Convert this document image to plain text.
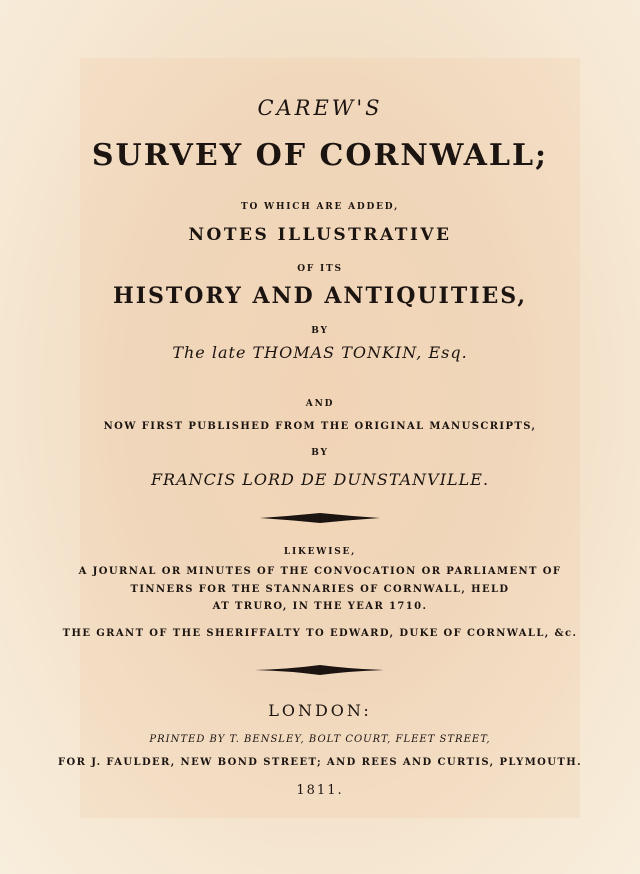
CAREW'S
SURVEY OF CORNWALL;
TO WHICH ARE ADDED,
NOTES ILLUSTRATIVE
OF ITS
HISTORY AND ANTIQUITIES,
BY
The late THOMAS TONKIN, Esq.
AND
NOW FIRST PUBLISHED FROM THE ORIGINAL MANUSCRIPTS,
BY
FRANCIS LORD DE DUNSTANVILLE.
LIKEWISE,
A JOURNAL OR MINUTES OF THE CONVOCATION OR PARLIAMENT OF
TINNERS FOR THE STANNARIES OF CORNWALL, HELD
AT TRURO, IN THE YEAR 1710.
THE GRANT OF THE SHERIFFALTY TO EDWARD, DUKE OF CORNWALL, &c.
LONDON:
PRINTED BY T. BENSLEY, BOLT COURT, FLEET STREET,
FOR J. FAULDER, NEW BOND STREET; AND REES AND CURTIS, PLYMOUTH.
1811.
